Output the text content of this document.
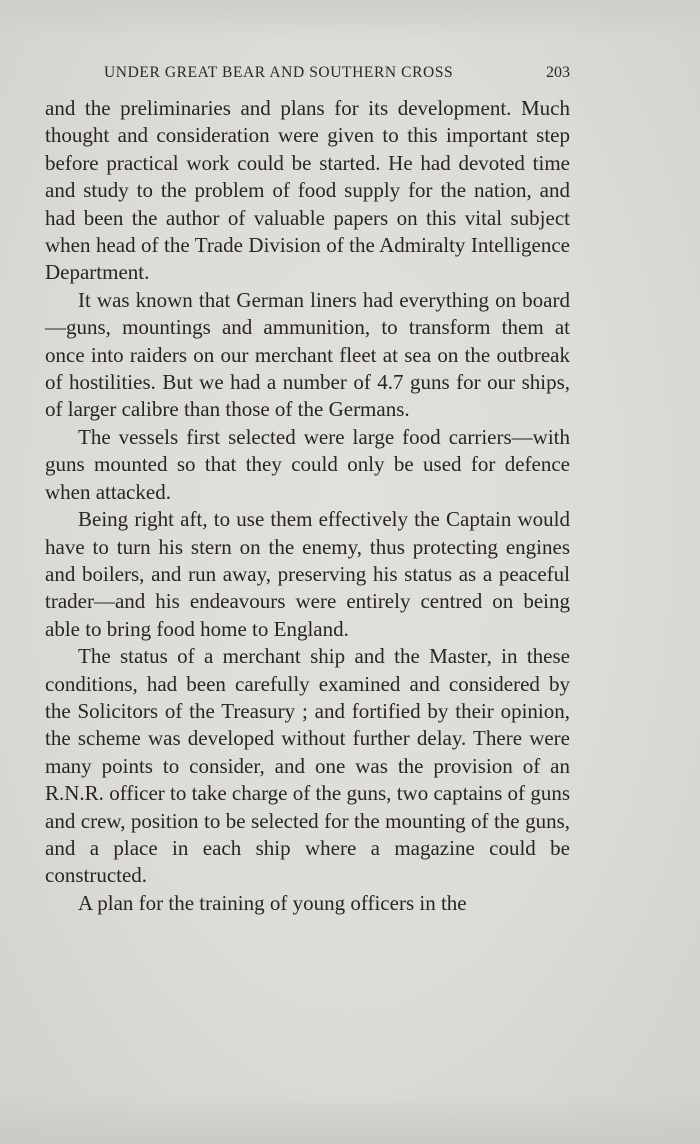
UNDER GREAT BEAR AND SOUTHERN CROSS	203

and the preliminaries and plans for its development. Much thought and consideration were given to this important step before practical work could be started. He had devoted time and study to the problem of food supply for the nation, and had been the author of valuable papers on this vital subject when head of the Trade Division of the Admiralty Intelligence Department.

It was known that German liners had everything on board—guns, mountings and ammunition, to transform them at once into raiders on our merchant fleet at sea on the outbreak of hostilities. But we had a number of 4.7 guns for our ships, of larger calibre than those of the Germans.

The vessels first selected were large food carriers—with guns mounted so that they could only be used for defence when attacked.

Being right aft, to use them effectively the Captain would have to turn his stern on the enemy, thus protecting engines and boilers, and run away, preserving his status as a peaceful trader—and his endeavours were entirely centred on being able to bring food home to England.

The status of a merchant ship and the Master, in these conditions, had been carefully examined and considered by the Solicitors of the Treasury ; and fortified by their opinion, the scheme was developed without further delay. There were many points to consider, and one was the provision of an R.N.R. officer to take charge of the guns, two captains of guns and crew, position to be selected for the mounting of the guns, and a place in each ship where a magazine could be constructed.

A plan for the training of young officers in the
